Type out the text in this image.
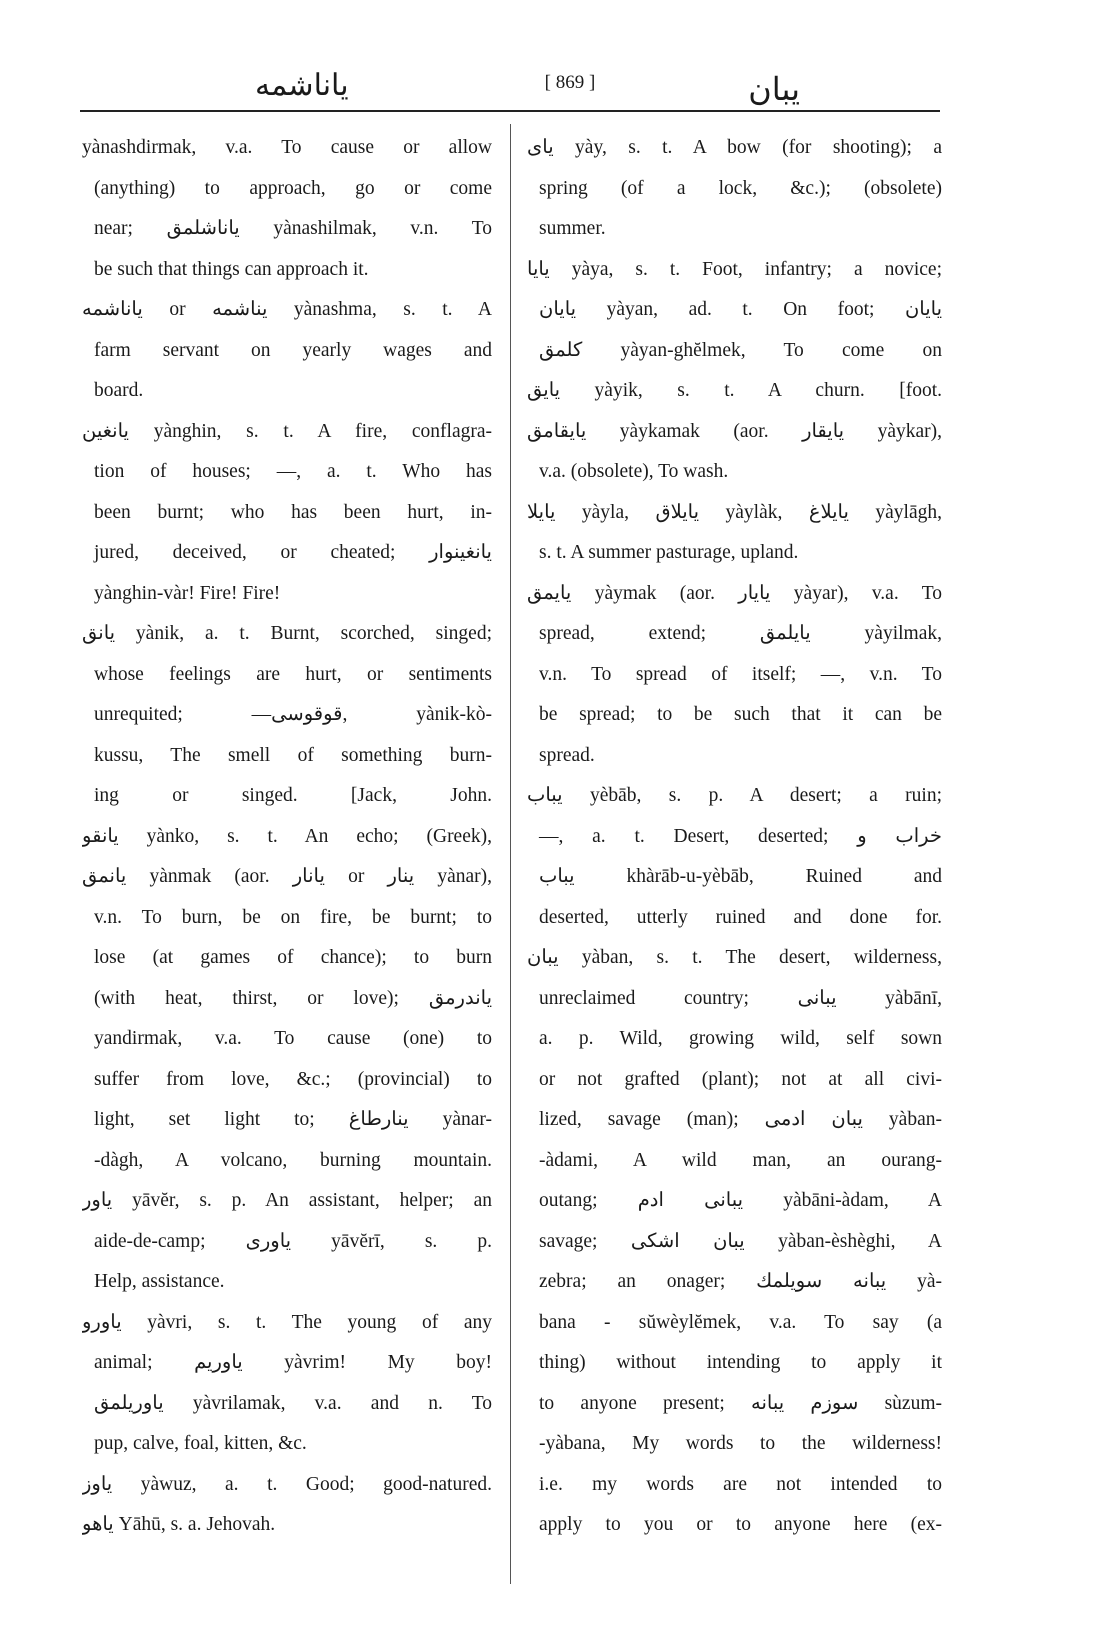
یاناشمه	[ 869 ]	یبان
yànashdirmak, v.a. To cause or allow
(anything) to approach, go or come
near; یاناشلمق yànashilmak, v.n. To
be such that things can approach it.
یاناشمه or یناشمه yànashma, s. t. A
farm servant on yearly wages and
board.
یانغین yànghin, s. t. A fire, conflagra-
tion of houses; —, a. t. Who has
been burnt; who has been hurt, in-
jured, deceived, or cheated; یانغینوار
yànghin-vàr! Fire! Fire!
یانق yànik, a. t. Burnt, scorched, singed;
whose feelings are hurt, or sentiments
unrequited; —قوقوسی, yànik-kò-
kussu, The smell of something burn-
ing or singed. [Jack, John.
یانقو yànko, s. t. An echo; (Greek),
یانمق yànmak (aor. یانار or ینار yànar),
v.n. To burn, be on fire, be burnt; to
lose (at games of chance); to burn
(with heat, thirst, or love); یاندرمق
yandirmak, v.a. To cause (one) to
suffer from love, &c.; (provincial) to
light, set light to; ینارطاغ yànar-
-dàgh, A volcano, burning mountain.
یاور yāvĕr, s. p. An assistant, helper; an
aide-de-camp; یاوری yāvĕrī, s. p.
Help, assistance.
یاورو yàvri, s. t. The young of any
animal; یاوریم yàvrim! My boy!
یاوریلمق yàvrilamak, v.a. and n. To
pup, calve, foal, kitten, &c.
یاوز yàwuz, a. t. Good; good-natured.
یاهو Yāhū, s. a. Jehovah.
یای yày, s. t. A bow (for shooting); a
spring (of a lock, &c.); (obsolete)
summer.
یایا yàya, s. t. Foot, infantry; a novice;
یایان yàyan, ad. t. On foot; یایان
کلمق yàyan-ghĕlmek, To come on
یایق yàyik, s. t. A churn. [foot.
یایقامق yàykamak (aor. یایقار yàykar),
v.a. (obsolete), To wash.
یایلا yàyla, یایلاق yàylàk, یایلاغ yàylāgh,
s. t. A summer pasturage, upland.
یایمق yàymak (aor. یایار yàyar), v.a. To
spread, extend; یایلمق yàyilmak,
v.n. To spread of itself; —, v.n. To
be spread; to be such that it can be
spread.
یباب yèbāb, s. p. A desert; a ruin;
—, a. t. Desert, deserted; خراب و
یباب khàrāb-u-yèbāb, Ruined and
deserted, utterly ruined and done for.
یبان yàban, s. t. The desert, wilderness,
unreclaimed country; یبانی yàbānī,
a. p. Wild, growing wild, self sown
or not grafted (plant); not at all civi-
lized, savage (man); یبان ادمی yàban-
-àdami, A wild man, an ourang-
outang; یبانی ادم yàbāni-àdam, A
savage; یبان اشکی yàban-èshèghi, A
zebra; an onager; یبانه سویلمك yà-
bana - sŭwèylĕmek, v.a. To say (a
thing) without intending to apply it
to anyone present; سوزم یبانه sùzum-
-yàbana, My words to the wilderness!
i.e. my words are not intended to
apply to you or to anyone here (ex-
